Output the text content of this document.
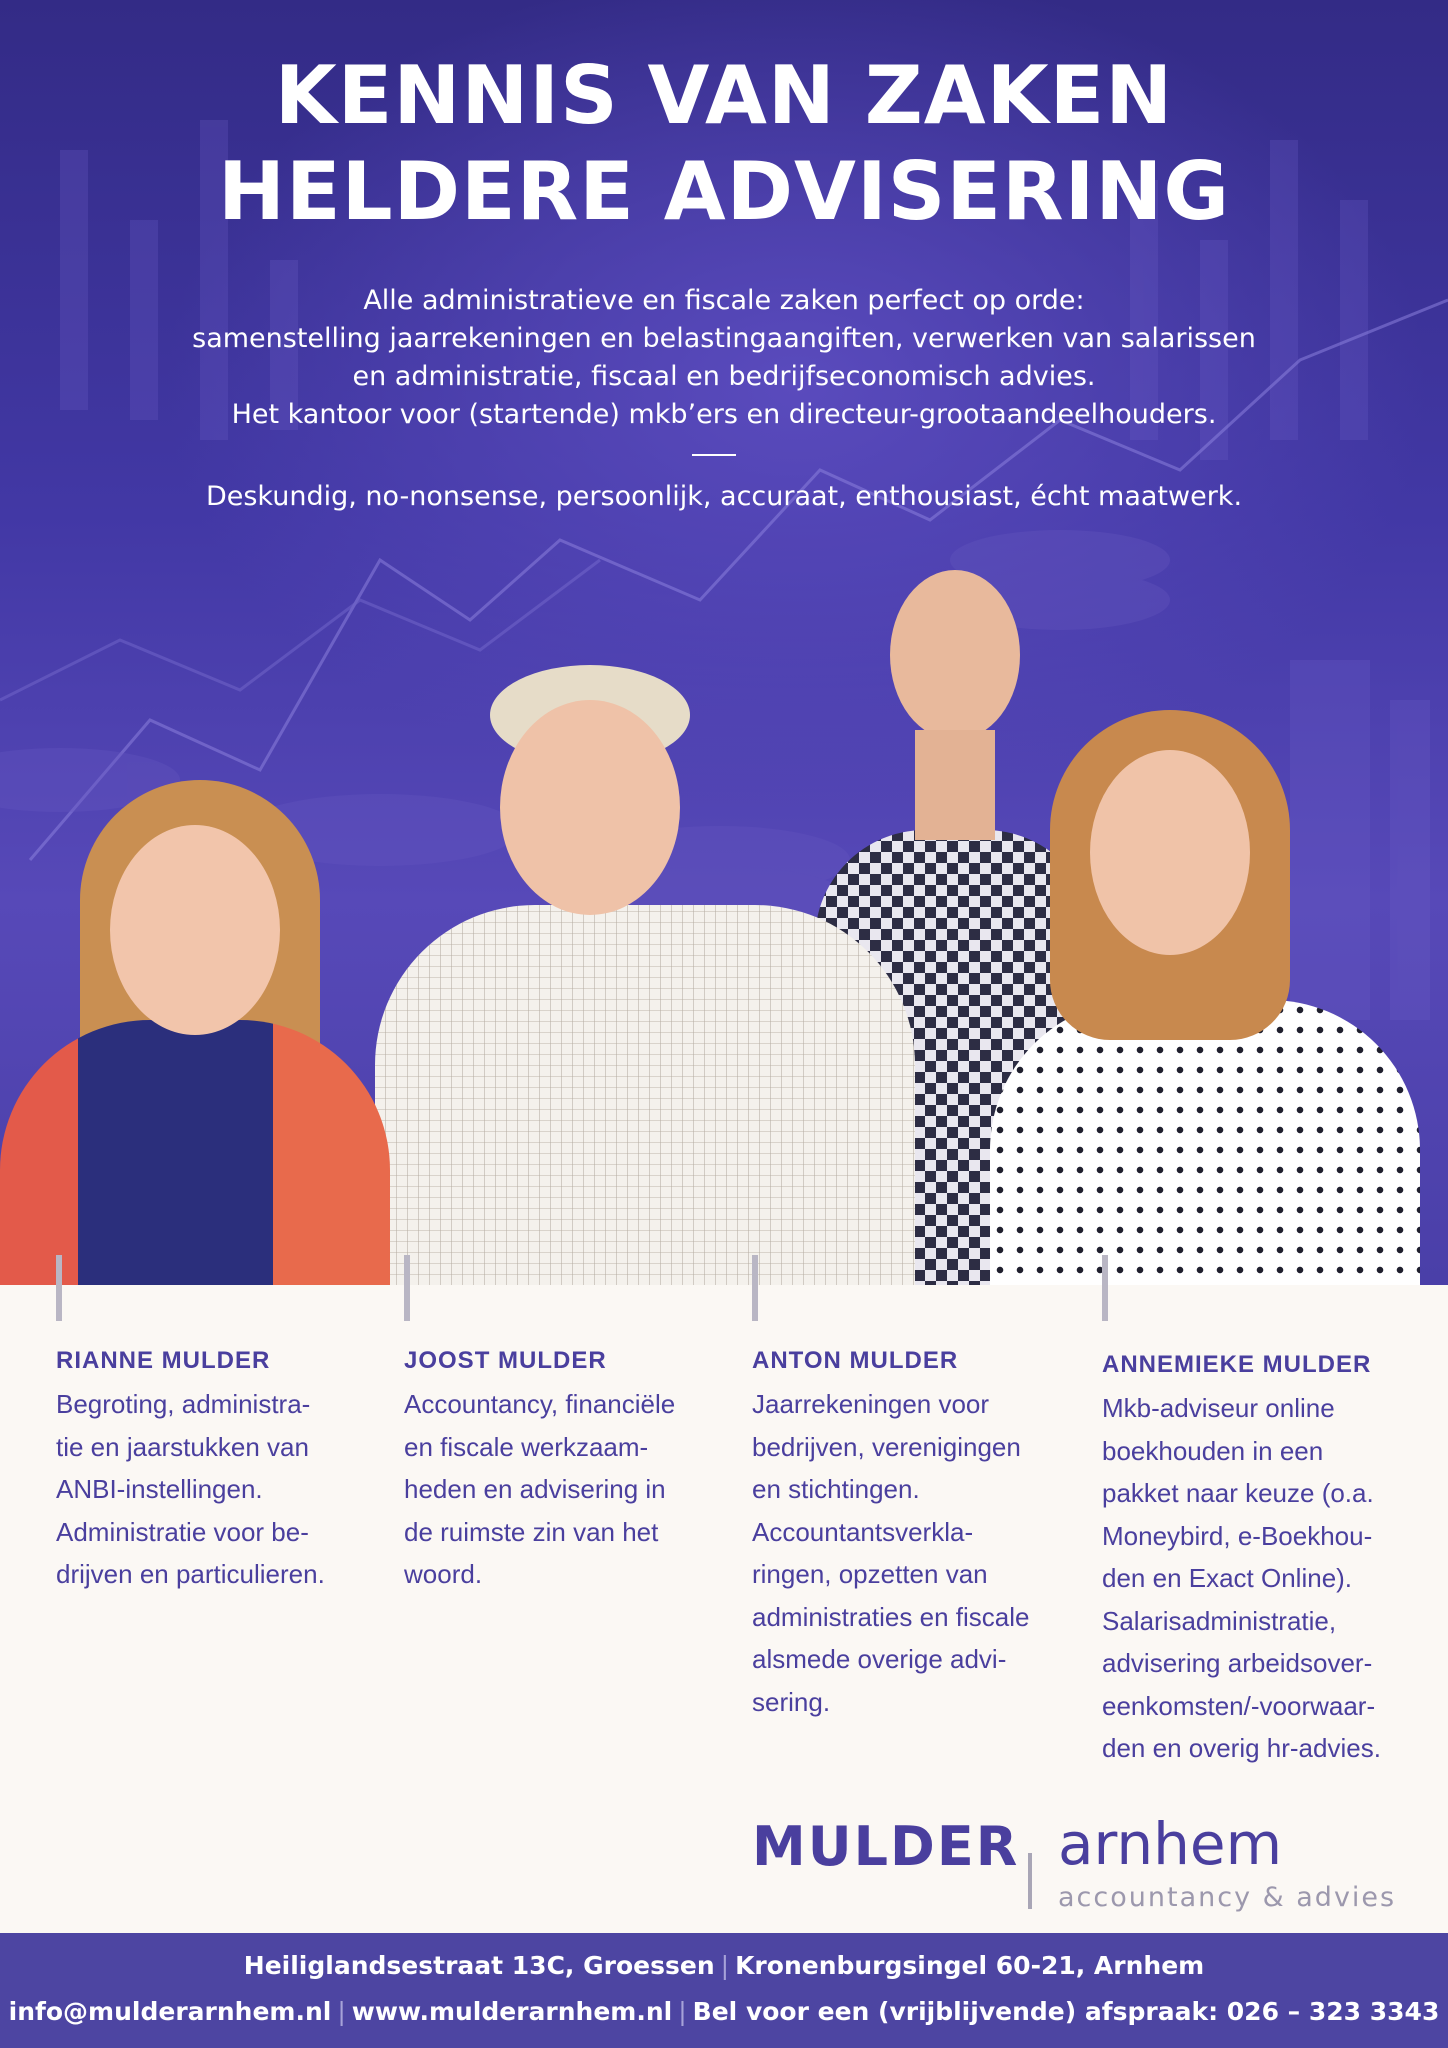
KENNIS VAN ZAKEN
HELDERE ADVISERING
Alle administratieve en fiscale zaken perfect op orde:
samenstelling jaarrekeningen en belastingaangiften, verwerken van salarissen
en administratie, fiscaal en bedrijfseconomisch advies.
Het kantoor voor (startende) mkb’ers en directeur-grootaandeelhouders.
Deskundig, no-nonsense, persoonlijk, accuraat, enthousiast, écht maatwerk.

RIANNE MULDER

Begroting, administra-
tie en jaarstukken van
ANBI-instellingen.
Administratie voor be-
drijven en particulieren.

JOOST MULDER

Accountancy, financiële
en fiscale werkzaam-
heden en advisering in
de ruimste zin van het
woord.

ANTON MULDER

Jaarrekeningen voor
bedrijven, verenigingen
en stichtingen.
Accountantsverkla-
ringen, opzetten van
administraties en fiscale
alsmede overige advi-
sering.

ANNEMIEKE MULDER

Mkb-adviseur online
boekhouden in een
pakket naar keuze (o.a.
Moneybird, e-Boekhou-
den en Exact Online).
Salarisadministratie,
advisering arbeidsover-
eenkomsten/-voorwaar-
den en overig hr-advies.

MULDER arnhem
accountancy & advies
Heiliglandsestraat 13C, Groessen | Kronenburgsingel 60-21, Arnhem
info@mulderarnhem.nl | www.mulderarnhem.nl | Bel voor een (vrijblijvende) afspraak: 026 – 323 3343
